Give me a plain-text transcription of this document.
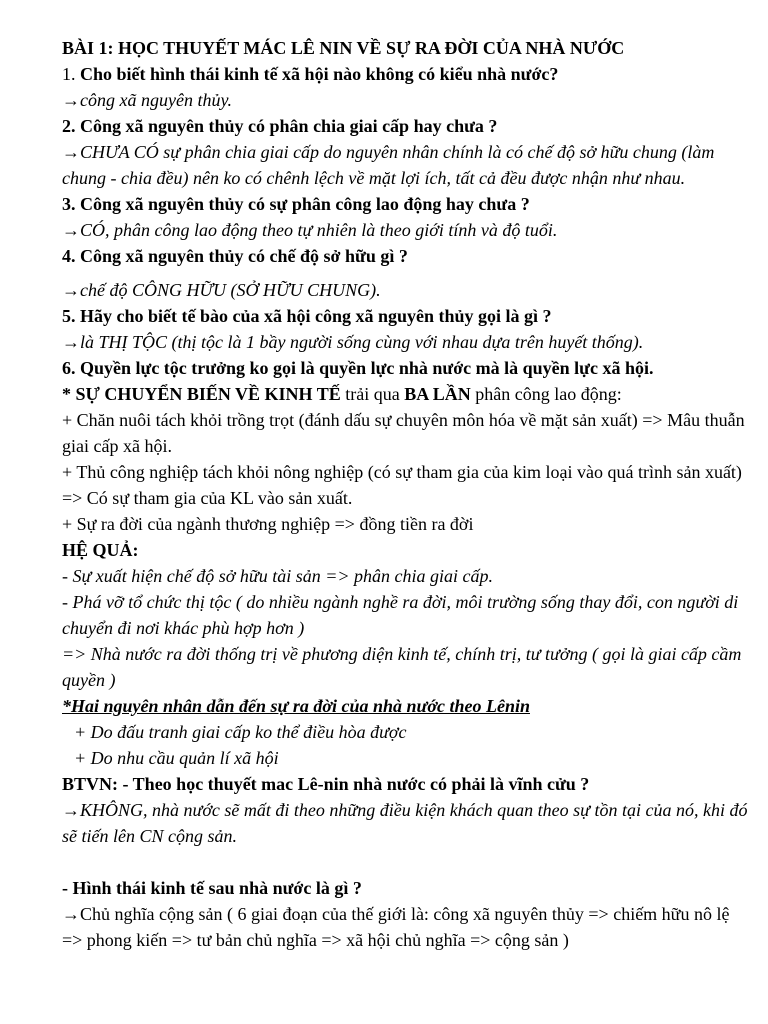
BÀI 1: HỌC THUYẾT MÁC LÊ NIN VỀ SỰ RA ĐỜI CỦA NHÀ NƯỚC
1. Cho biết hình thái kinh tế xã hội nào không có kiểu nhà nước?
→công xã nguyên thủy.
2. Công xã nguyên thủy có phân chia giai cấp hay chưa ?
→CHƯA CÓ sự phân chia giai cấp do nguyên nhân chính là có chế độ sở hữu chung (làm chung - chia đều) nên ko có chênh lệch về mặt lợi ích, tất cả đều được nhận như nhau.
3. Công xã nguyên thủy có sự phân công lao động hay chưa ?
→CÓ, phân công lao động theo tự nhiên là theo giới tính và độ tuổi.
4. Công xã nguyên thủy có chế độ sở hữu gì ?
→chế độ CÔNG HỮU (SỞ HỮU CHUNG).
5. Hãy cho biết tế bào của xã hội công xã nguyên thủy gọi là gì ?
→là THỊ TỘC (thị tộc là 1 bầy người sống cùng với nhau dựa trên huyết thống).
6. Quyền lực tộc trưởng ko gọi là quyền lực nhà nước mà là quyền lực xã hội.
* SỰ CHUYỂN BIẾN VỀ KINH TẾ trải qua BA LẦN phân công lao động:
+ Chăn nuôi tách khỏi trồng trọt (đánh dấu sự chuyên môn hóa về mặt sản xuất) => Mâu thuẫn giai cấp xã hội.
+ Thủ công nghiệp tách khỏi nông nghiệp (có sự tham gia của kim loại vào quá trình sản xuất) => Có sự tham gia của KL vào sản xuất.
+ Sự ra đời của ngành thương nghiệp => đồng tiền ra đời
HỆ QUẢ:
- Sự xuất hiện chế độ sở hữu tài sản => phân chia giai cấp.
- Phá vỡ tổ chức thị tộc ( do nhiều ngành nghề ra đời, môi trường sống thay đổi, con người di chuyển đi nơi khác phù hợp hơn )
=> Nhà nước ra đời thống trị về phương diện kinh tế, chính trị, tư tưởng ( gọi là giai cấp cầm quyền )
*Hai nguyên nhân dẫn đến sự ra đời của nhà nước theo Lênin
+ Do đấu tranh giai cấp ko thể điều hòa được
+ Do nhu cầu quản lí xã hội
BTVN: - Theo học thuyết mac Lê-nin nhà nước có phải là vĩnh cửu ?
→KHÔNG, nhà nước sẽ mất đi theo những điều kiện khách quan theo sự tồn tại của nó, khi đó sẽ tiến lên CN cộng sản.
- Hình thái kinh tế sau nhà nước là gì ?
→Chủ nghĩa cộng sản ( 6 giai đoạn của thế giới là: công xã nguyên thủy => chiếm hữu nô lệ => phong kiến => tư bản chủ nghĩa => xã hội chủ nghĩa => cộng sản )
